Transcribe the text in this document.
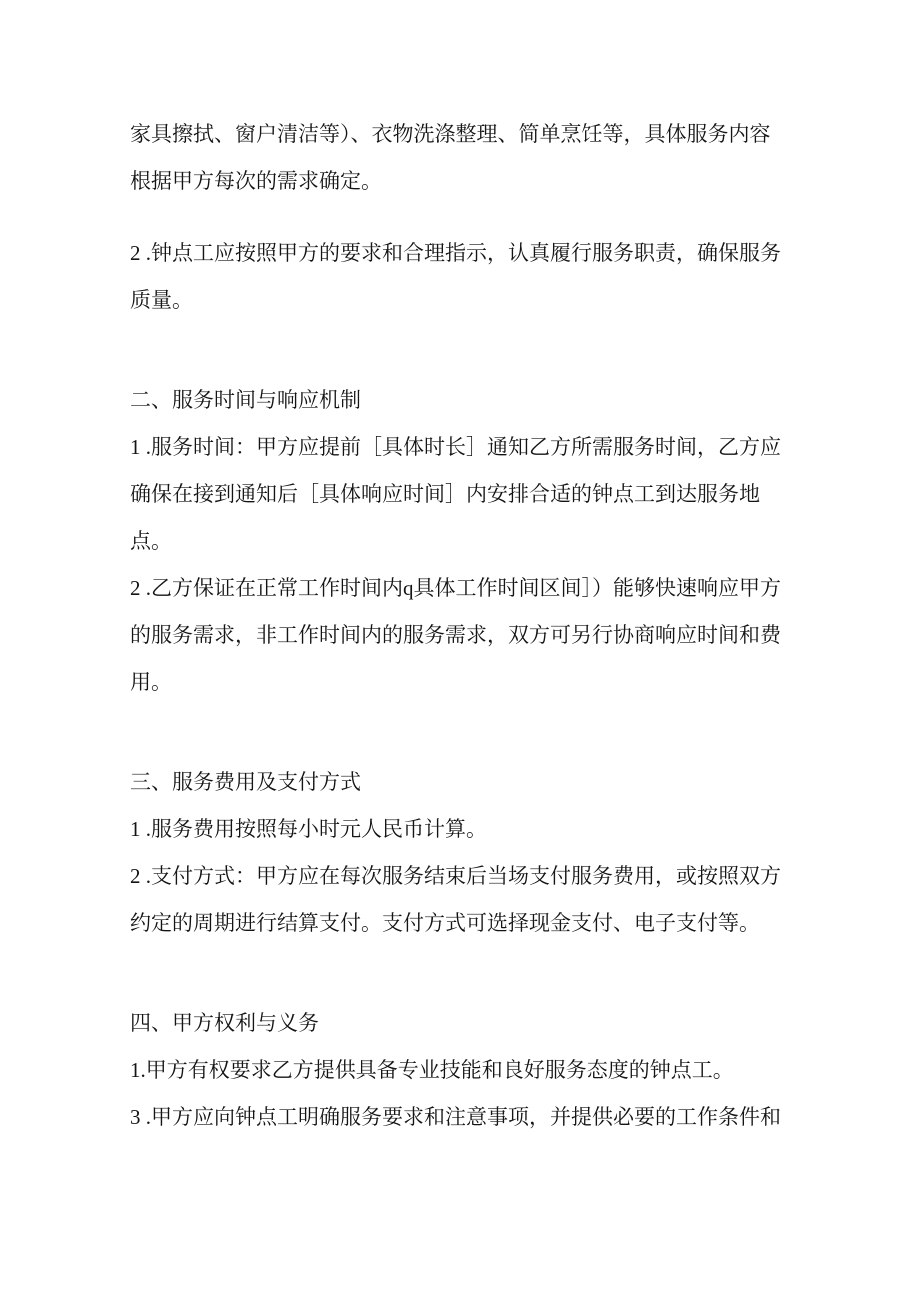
家具擦拭、窗户清洁等）、衣物洗涤整理、简单烹饪等，具体服务内容
根据甲方每次的需求确定。
2 .钟点工应按照甲方的要求和合理指示，认真履行服务职责，确保服务
质量。
二、服务时间与响应机制
1 .服务时间：甲方应提前［具体时长］通知乙方所需服务时间，乙方应
确保在接到通知后［具体响应时间］内安排合适的钟点工到达服务地
点。
2 .乙方保证在正常工作时间内q具体工作时间区间］）能够快速响应甲方
的服务需求，非工作时间内的服务需求，双方可另行协商响应时间和费
用。
三、服务费用及支付方式
1 .服务费用按照每小时元人民币计算。
2 .支付方式：甲方应在每次服务结束后当场支付服务费用，或按照双方
约定的周期进行结算支付。支付方式可选择现金支付、电子支付等。
四、甲方权利与义务
1.甲方有权要求乙方提供具备专业技能和良好服务态度的钟点工。
3 .甲方应向钟点工明确服务要求和注意事项，并提供必要的工作条件和
